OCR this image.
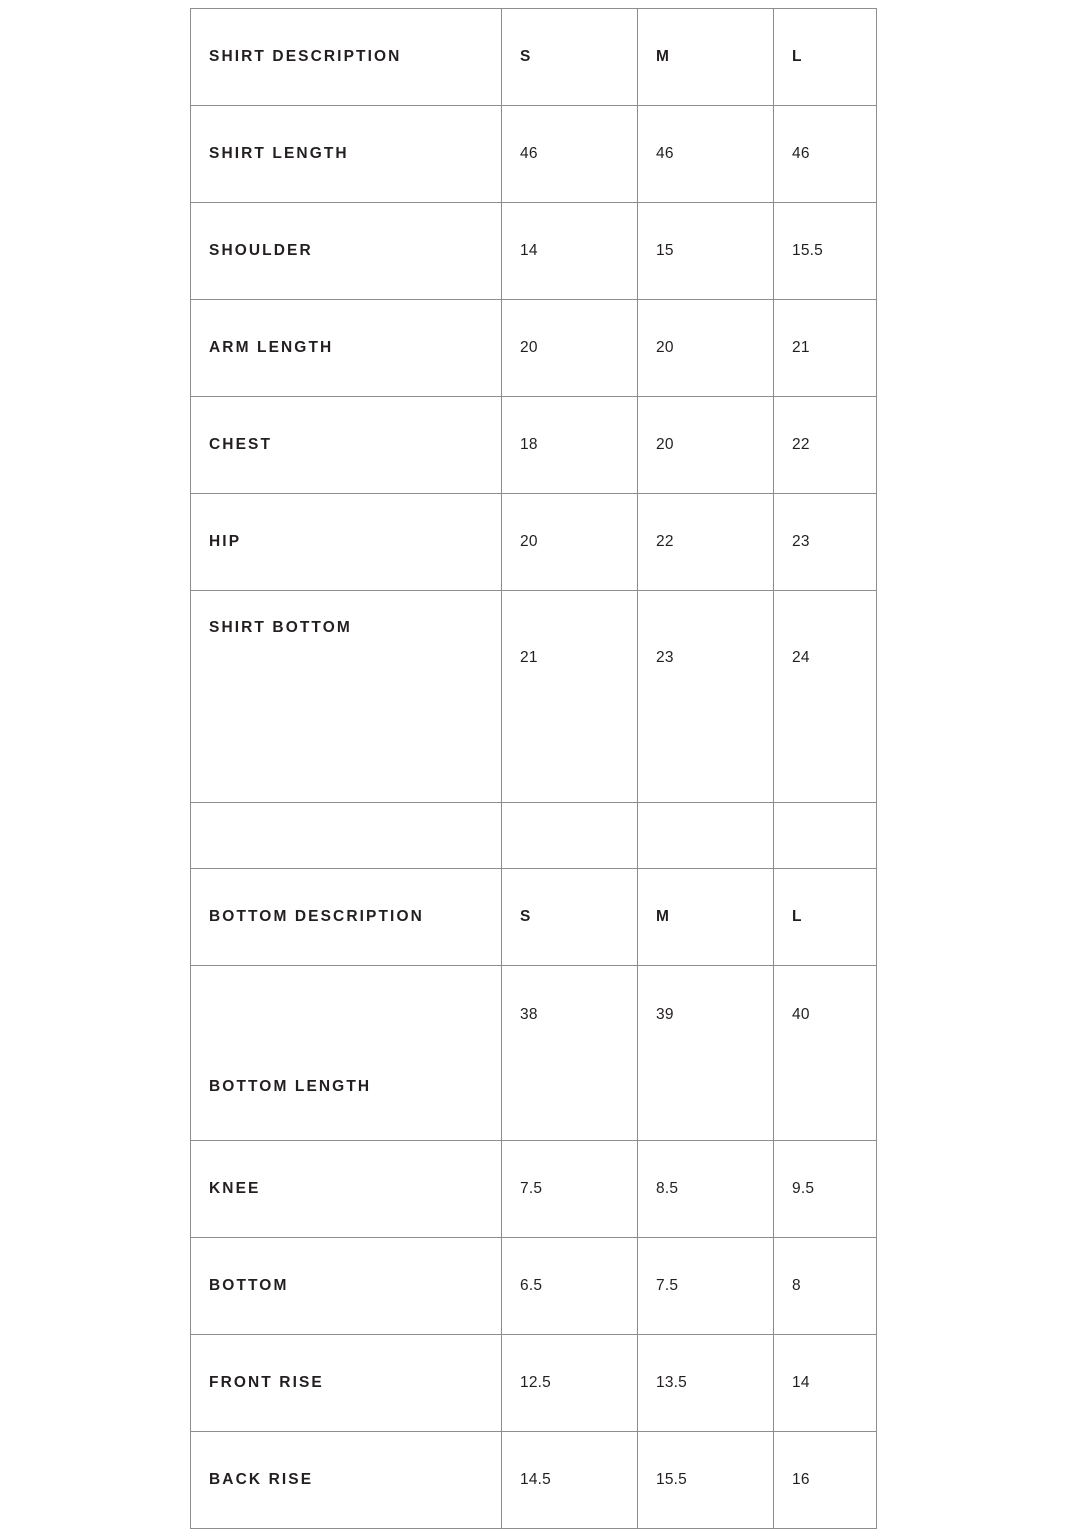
SHIRT DESCRIPTION	S	M	L
SHIRT LENGTH	46	46	46
SHOULDER	14	15	15.5
ARM LENGTH	20	20	21
CHEST	18	20	22
HIP	20	22	23
SHIRT BOTTOM	21	23	24

BOTTOM DESCRIPTION	S	M	L
BOTTOM LENGTH	38	39	40
KNEE	7.5	8.5	9.5
BOTTOM	6.5	7.5	8
FRONT RISE	12.5	13.5	14
BACK RISE	14.5	15.5	16
